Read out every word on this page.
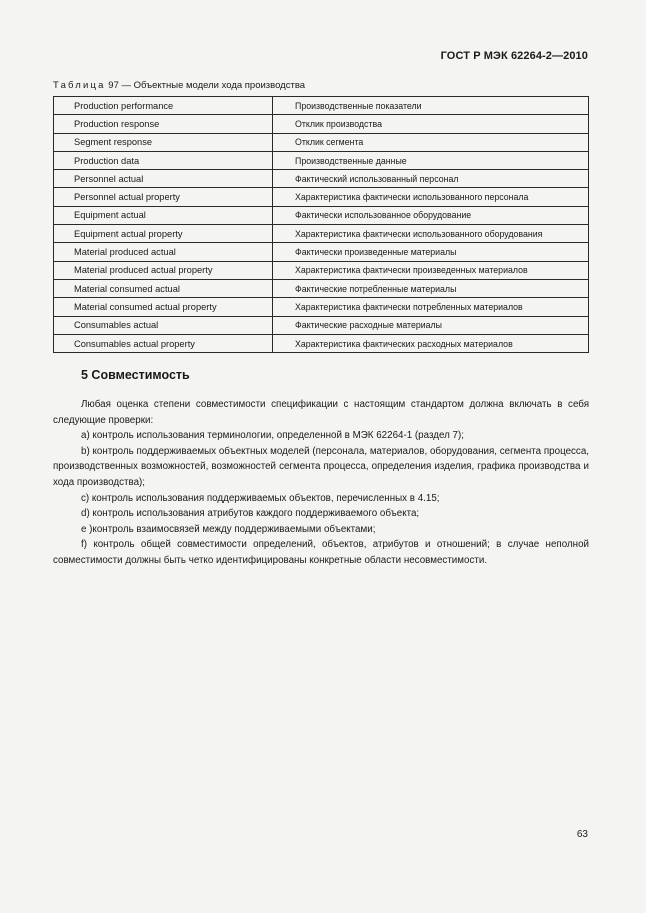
ГОСТ Р МЭК 62264-2—2010
Таблица 97 — Объектные модели хода производства
Production performance	Производственные показатели
Production response	Отклик производства
Segment response	Отклик сегмента
Production data	Производственные данные
Personnel actual	Фактический использованный персонал
Personnel actual property	Характеристика фактически использованного персонала
Equipment actual	Фактически использованное оборудование
Equipment actual property	Характеристика фактически использованного оборудования
Material produced actual	Фактически произведенные материалы
Material produced actual property	Характеристика фактически произведенных материалов
Material consumed actual	Фактические потребленные материалы
Material consumed actual property	Характеристика фактически потребленных материалов
Consumables actual	Фактические расходные материалы
Consumables actual property	Характеристика фактических расходных материалов
5 Совместимость

Любая оценка степени совместимости спецификации с настоящим стандартом должна включать в себя следующие проверки:

а) контроль использования терминологии, определенной в МЭК 62264-1 (раздел 7);

b) контроль поддерживаемых объектных моделей (персонала, материалов, оборудования, сегмента процесса, производственных возможностей, возможностей сегмента процесса, определения изделия, графика производства и хода производства);

c) контроль использования поддерживаемых объектов, перечисленных в 4.15;

d) контроль использования атрибутов каждого поддерживаемого объекта;

е )контроль взаимосвязей между поддерживаемыми объектами;

f) контроль общей совместимости определений, объектов, атрибутов и отношений; в случае неполной совместимости должны быть четко идентифицированы конкретные области несовместимости.

63
